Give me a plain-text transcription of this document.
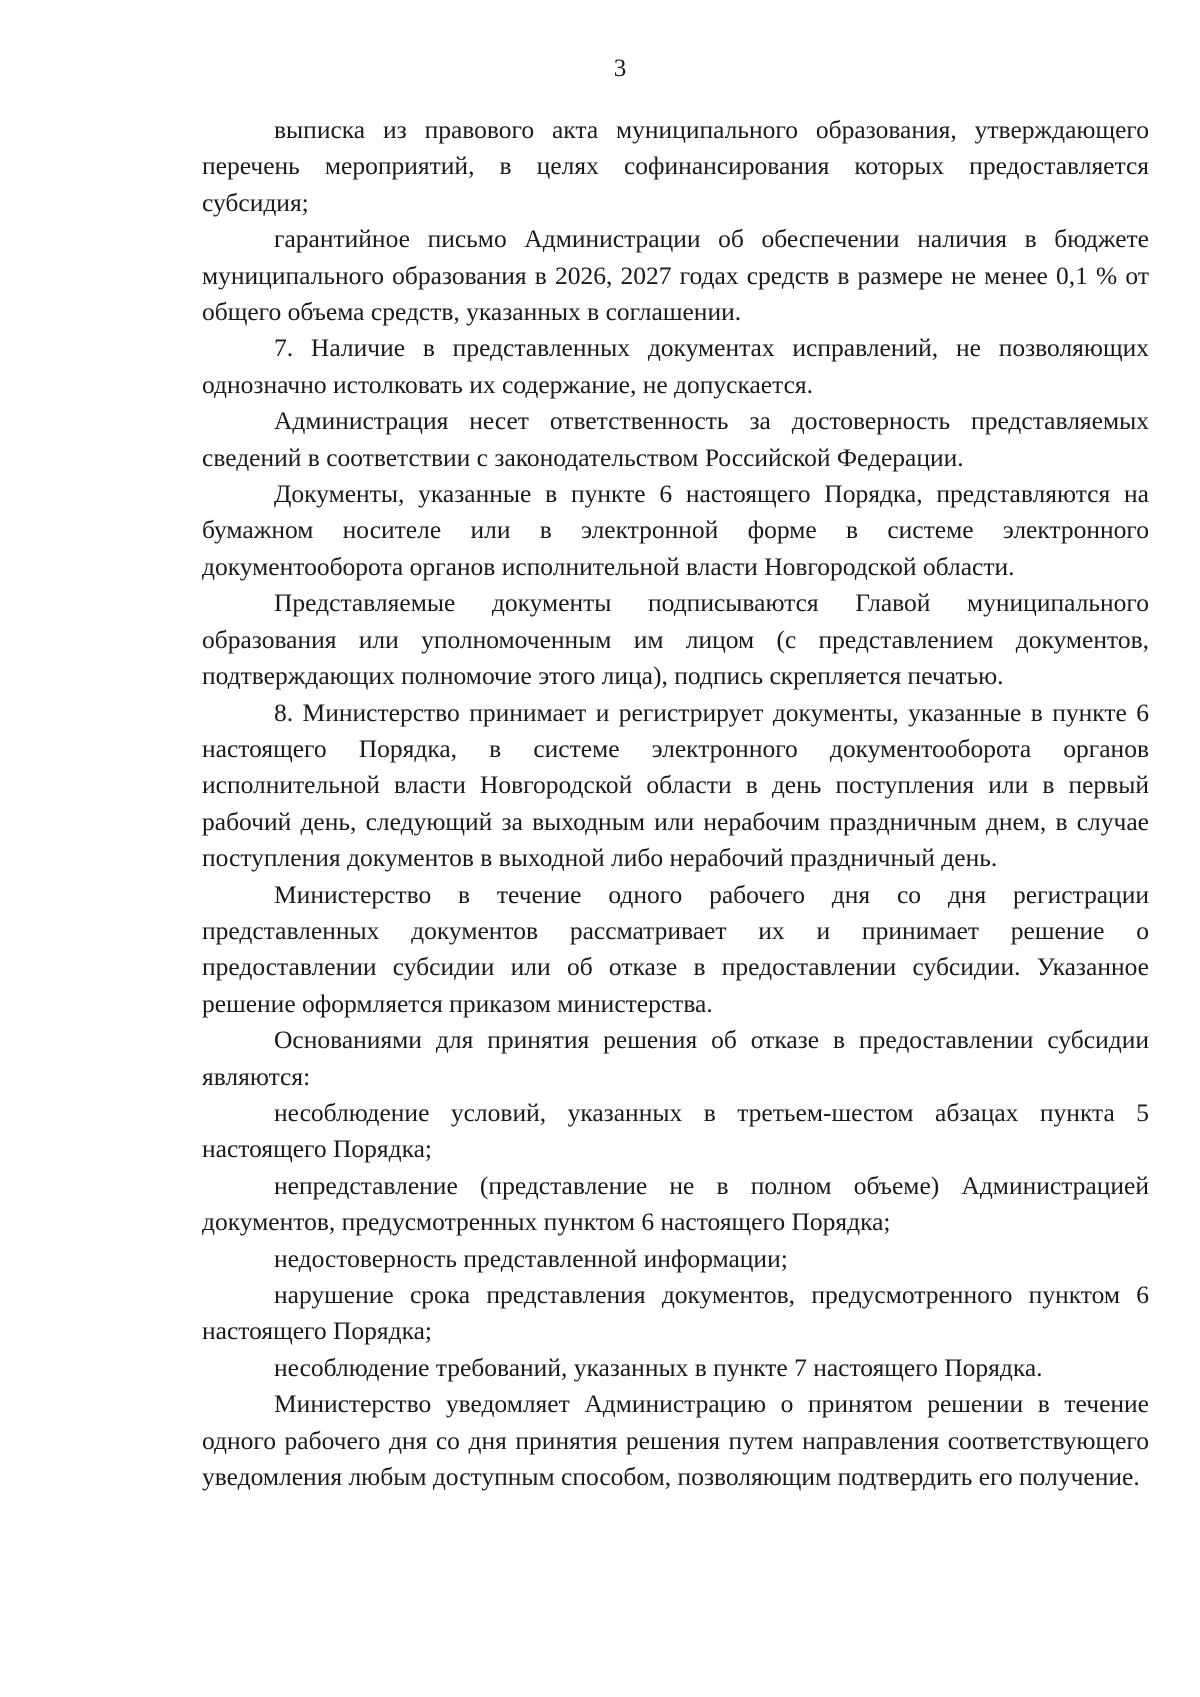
3

выписка из правового акта муниципального образования, утверждающего перечень мероприятий, в целях софинансирования которых предоставляется субсидия;

гарантийное письмо Администрации об обеспечении наличия в бюджете муниципального образования в 2026, 2027 годах средств в размере не менее 0,1 % от общего объема средств, указанных в соглашении.

7. Наличие в представленных документах исправлений, не позволяющих однозначно истолковать их содержание, не допускается.

Администрация несет ответственность за достоверность представляемых сведений в соответствии с законодательством Российской Федерации.

Документы, указанные в пункте 6 настоящего Порядка, представляются на бумажном носителе или в электронной форме в системе электронного документооборота органов исполнительной власти Новгородской области.

Представляемые документы подписываются Главой муниципального образования или уполномоченным им лицом (с представлением документов, подтверждающих полномочие этого лица), подпись скрепляется печатью.

8. Министерство принимает и регистрирует документы, указанные в пункте 6 настоящего Порядка, в системе электронного документооборота органов исполнительной власти Новгородской области в день поступления или в первый рабочий день, следующий за выходным или нерабочим праздничным днем, в случае поступления документов в выходной либо нерабочий праздничный день.

Министерство в течение одного рабочего дня со дня регистрации представленных документов рассматривает их и принимает решение о предоставлении субсидии или об отказе в предоставлении субсидии. Указанное решение оформляется приказом министерства.

Основаниями для принятия решения об отказе в предоставлении субсидии являются:

несоблюдение условий, указанных в третьем-шестом абзацах пункта 5 настоящего Порядка;

непредставление (представление не в полном объеме) Администрацией документов, предусмотренных пунктом 6 настоящего Порядка;

недостоверность представленной информации;

нарушение срока представления документов, предусмотренного пунктом 6 настоящего Порядка;

несоблюдение требований, указанных в пункте 7 настоящего Порядка.

Министерство уведомляет Администрацию о принятом решении в течение одного рабочего дня со дня принятия решения путем направления соответствующего уведомления любым доступным способом, позволяющим подтвердить его получение.
